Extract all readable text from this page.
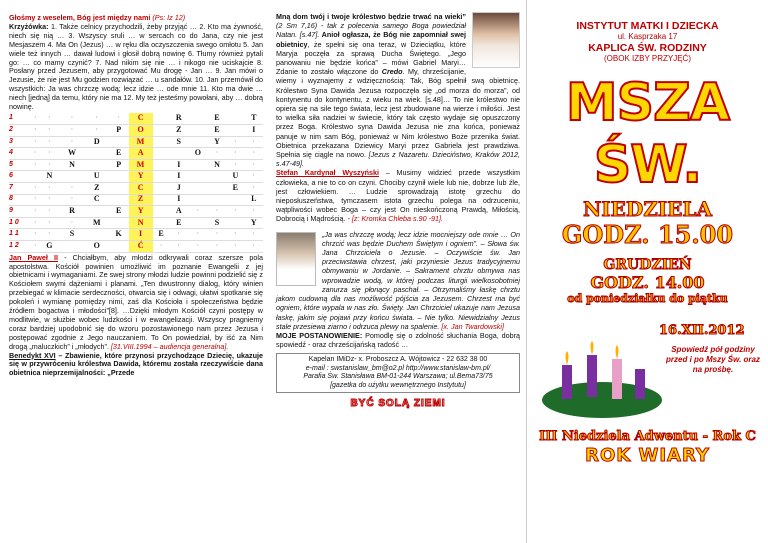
Głośmy z weselem, Bóg jest między nami (Ps: Iz 12)
Krzyżówka: 1. Także celnicy przychodzili, żeby przyjąć … 2. Kto ma żywność, niech się nią … 3. Wszyscy sruli … w sercach co do Jana, czy nie jest Mesjaszem 4. Ma On (Jezus) … w ręku dla oczyszczenia swego omłotu 5. Jan wiele też innych … dawał ludowi i głosił dobrą nowinę 6. Tłumy również pytali go: … co mamy czynić? 7. Nad nikim się nie … i nikogo nie uciskajcie 8. Posłany przed Jezusem, aby przygotować Mu drogę - Jan … 9. Jan mówi o Jezusie, że nie jest Mu godzien rozwiązać … u sandałów. 10. Jan przemówił do wszystkich: Ja was chrzczę wodą; lecz idzie … ode mnie 11. Kto ma dwie … niech [jedną] da temu, który nie ma 12. My też jesteśmy powołani, aby … dobrą nowinę.
1	·	·	·	·	·	C		R		E		T
2	·	·	·	·	P	O		Z		E		I
3	·	·	·	D		M		S		Y	·	·
4	·	·	W		E	A			O	·	·	·
5	·	·	N		P	M		I		N	·	·
6		N		U		Y		I			U	·
7	·	·	·	Z		C		J			E	·
8	·	·	·	C		Z		I				L
9	·	·	R		E	Y		A	·	·	·	·
1 0	·	·	·	M		N		E		S		Y
1 1	·	·	S		K	I	E	·	·	·	·	·
1 2	·	G		O		Ć	·	·	·	·	·	·
Jan Paweł II - Chciałbym, aby młodzi odkrywali coraz szersze pola apostolstwa. Kościół powinien umożliwić im poznanie Ewangelii z jej obietnicami i wymaganiami. Ze swej strony młodzi ludzie powinni podzielić się z Kościołem swymi dążeniami i planami. „Ten dwustronny dialog, który winien przebiegać w klimacie serdeczności, otwarcia się i odwagi, ułatwi spotkanie się pokoleń i wymianę pomiędzy nimi, zaś dla Kościoła i społeczeństwa będzie źródłem bogactwa i młodości”[8]. …Dzięki młodym Kościół czyni postępy w modlitwie, w służbie wobec ludzkości i w ewangelizacji. Wszyscy pragniemy coraz bardziej upodobnić się do wzoru pozostawionego nam przez Jezusa i postępować zgodnie z Jego nauczaniem. To On powiedział, by iść za Nim drogą „maluczkich” i „młodych”. [31.VIII.1994 – audiencja generalna].
Benedykt XVI – Zbawienie, które przynosi przychodzące Dziecię, ukazuje się w przywróceniu królestwa Dawida, któremu została rzeczywiście dana obietnica nieprzemijalności: „Przede
Mną dom twój i twoje królestwo będzie trwać na wieki” (2 Sm 7,16) - tak z polecenia samego Boga powiedział Natan. [s.47]. Anioł ogłasza, że Bóg nie zapomniał swej obietnicy, że spełni się ona teraz, w Dzieciątku, które Maryja poczęła za sprawą Ducha Świętego. „Jego panowaniu nie będzie końca” – mówi Gabriel Maryi… Zdanie to zostało włączone do Credo. My, chrześcijanie, wiemy i wyznajemy z wdzięcznością: Tak, Bóg spełnił swą obietnicę. Królestwo Syna Dawida Jezusa rozpoczęła się „od morza do morza”, od kontynentu do kontynentu, z wieku na wiek. [s.48]… To nie królestwo nie opiera się na sile tego świata, lecz jest zbudowane na wierze i miłości. Jest to wielka siła nadziei w świecie, który tak często wydaje się opuszczony przez Boga. Królestwo syna Dawida Jezusa nie zna końca, ponieważ panuje w nim sam Bóg, ponieważ w Nim królestwo Boże przenika świat. Obietnica przekazana Dziewicy Maryi przez Gabriela jest prawdziwa. Spełnia się ciągle na nowo. [Jezus z Nazaretu. Dzieciństwo, Kraków 2012, s.47-49].
Stefan Kardynał Wyszyński – Musimy widzieć przede wszystkim człowieka, a nie to co on czyni. Chociby czynił wiele lub nie, dobrze lub źle, jest człowiekiem. … Ludzie sprowadzają istotę grzechu do nieposłuszeństwa, tymczasem istota grzechu polega na odrzuceniu, wątpliwości wobec Boga – czy jest On nieskończoną Prawdą, Miłością, Dobrocią i Mądrością. - [z: Kromka Chleba s.90 -91].
„Ja was chrzczę wodą; lecz idzie mocniejszy ode mnie … On chrzcić was będzie Duchem Świętym i ogniem”. – Słowa św. Jana Chrzciciela o Jezusie. – Oczywiście św. Jan przeciwstawia chrzest, jaki przyniesie Jezus tradycyjnemu obmywaniu w Jordanie. – Sakrament chrztu obmywa nas wprowadzie wodą, w której podczas liturgii wielkosobotniej zanurza się płonący paschał. – Otrzymaliśmy łaskę chrztu jakom cudowną dla nas możliwość pójścia za Jezusem. Chrzest ma być ogniem, które wypala w nas zło. Święty. Jan Chrzciciel ukazuje nam Jezusa łaskę, jakim się pojawi przy końcu świata. – Nie tylko. Niewidzialny Jezus stale przesiewa ziarno i odrzuca plewy na spalenie. [x. Jan Twardowski]
MOJE POSTANOWIENIE: Pomodlę się o zdolność słuchania Boga, dobrą spowiedź - oraz chrześcijańską radość …
Kapelan IMiDz- x. Proboszcz A. Wójtowicz - 22 632 38 00
e-mail : swstanislaw_bm@o2.pl http://www.stanislaw-bm.pl/
Parafia Św. Stanisława BM-01-244 Warszawa; ul.Bema73/75
[gazetka do użytku wewnętrznego Instytutu]
BYĆ SOLĄ ZIEMI
INSTYTUT MATKI I DZIECKA
ul. Kasprzaka 17
KAPLICA ŚW. RODZINY
(OBOK IZBY PRZYJĘĆ)
MSZA ŚW.
NIEDZIELA
GODZ. 15.00
GRUDZIEŃ
GODZ. 14.00
od poniedziałku do piątku
16.XII.2012
Spowiedź pół godziny przed i po Mszy Św. oraz na prośbę.
III Niedziela Adwentu - Rok C
ROK WIARY
